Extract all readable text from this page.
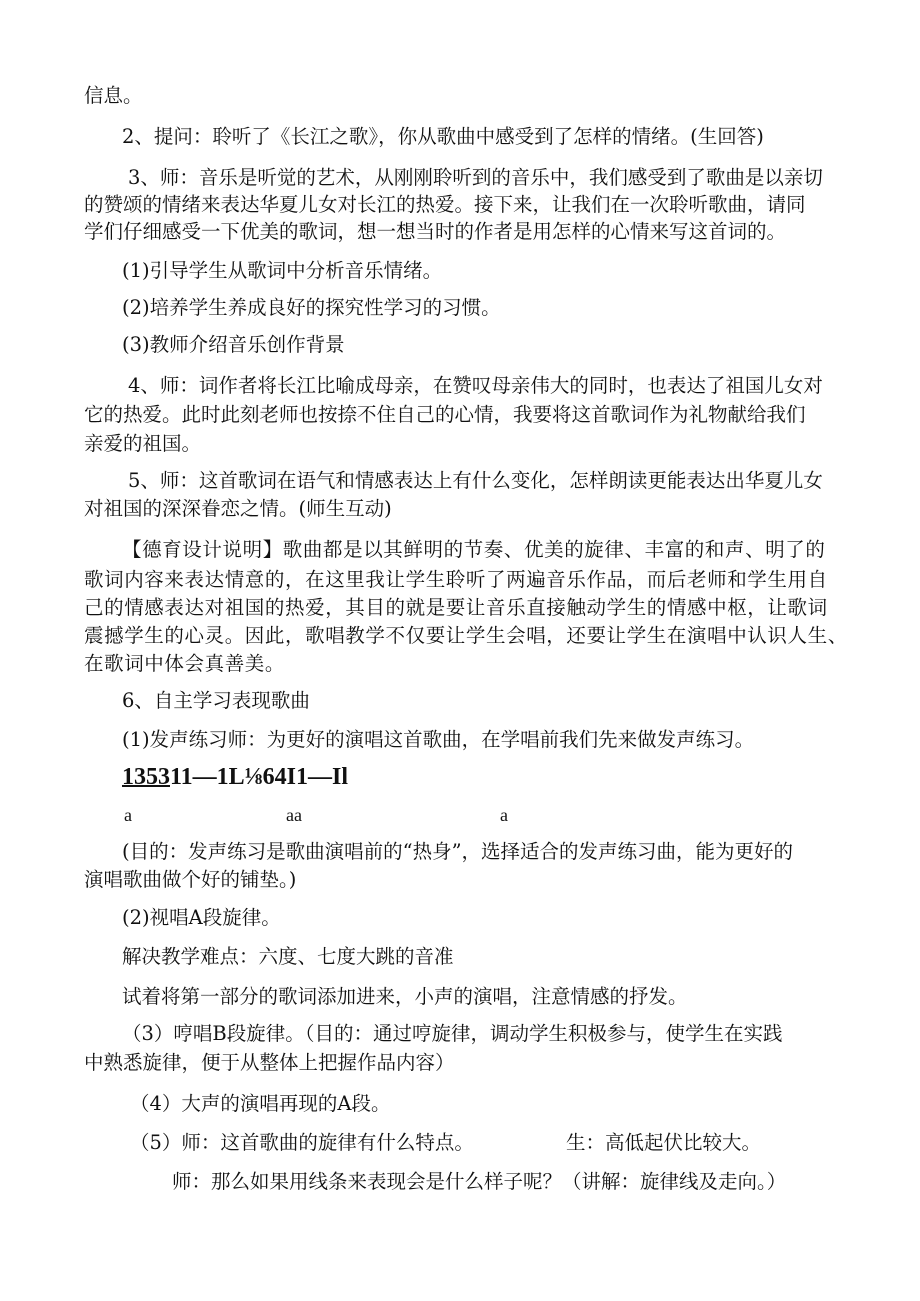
信息。
2、提问：聆听了《长江之歌》，你从歌曲中感受到了怎样的情绪。(生回答)
3、师：音乐是听觉的艺术，从刚刚聆听到的音乐中，我们感受到了歌曲是以亲切
的赞颂的情绪来表达华夏儿女对长江的热爱。接下来，让我们在一次聆听歌曲，请同
学们仔细感受一下优美的歌词，想一想当时的作者是用怎样的心情来写这首词的。
(1)引导学生从歌词中分析音乐情绪。
(2)培养学生养成良好的探究性学习的习惯。
(3)教师介绍音乐创作背景
4、师：词作者将长江比喻成母亲，在赞叹母亲伟大的同时，也表达了祖国儿女对
它的热爱。此时此刻老师也按捺不住自己的心情，我要将这首歌词作为礼物献给我们
亲爱的祖国。
5、师：这首歌词在语气和情感表达上有什么变化，怎样朗读更能表达出华夏儿女
对祖国的深深眷恋之情。(师生互动)
【德育设计说明】歌曲都是以其鲜明的节奏、优美的旋律、丰富的和声、明了的
歌词内容来表达情意的，在这里我让学生聆听了两遍音乐作品，而后老师和学生用自
己的情感表达对祖国的热爱，其目的就是要让音乐直接触动学生的情感中枢，让歌词
震撼学生的心灵。因此，歌唱教学不仅要让学生会唱，还要让学生在演唱中认识人生、
在歌词中体会真善美。
6、自主学习表现歌曲
(1)发声练习师：为更好的演唱这首歌曲，在学唱前我们先来做发声练习。
135311—1L⅛64I1—Il
a	aa	a
(目的：发声练习是歌曲演唱前的“热身”，选择适合的发声练习曲，能为更好的
演唱歌曲做个好的铺垫。)
(2)视唱A段旋律。
解决教学难点：六度、七度大跳的音准
试着将第一部分的歌词添加进来，小声的演唱，注意情感的抒发。
（3）哼唱B段旋律。（目的：通过哼旋律，调动学生积极参与，使学生在实践
中熟悉旋律，便于从整体上把握作品内容）
（4）大声的演唱再现的A段。
（5）师：这首歌曲的旋律有什么特点。	生：高低起伏比较大。
师：那么如果用线条来表现会是什么样子呢？（讲解：旋律线及走向。）
